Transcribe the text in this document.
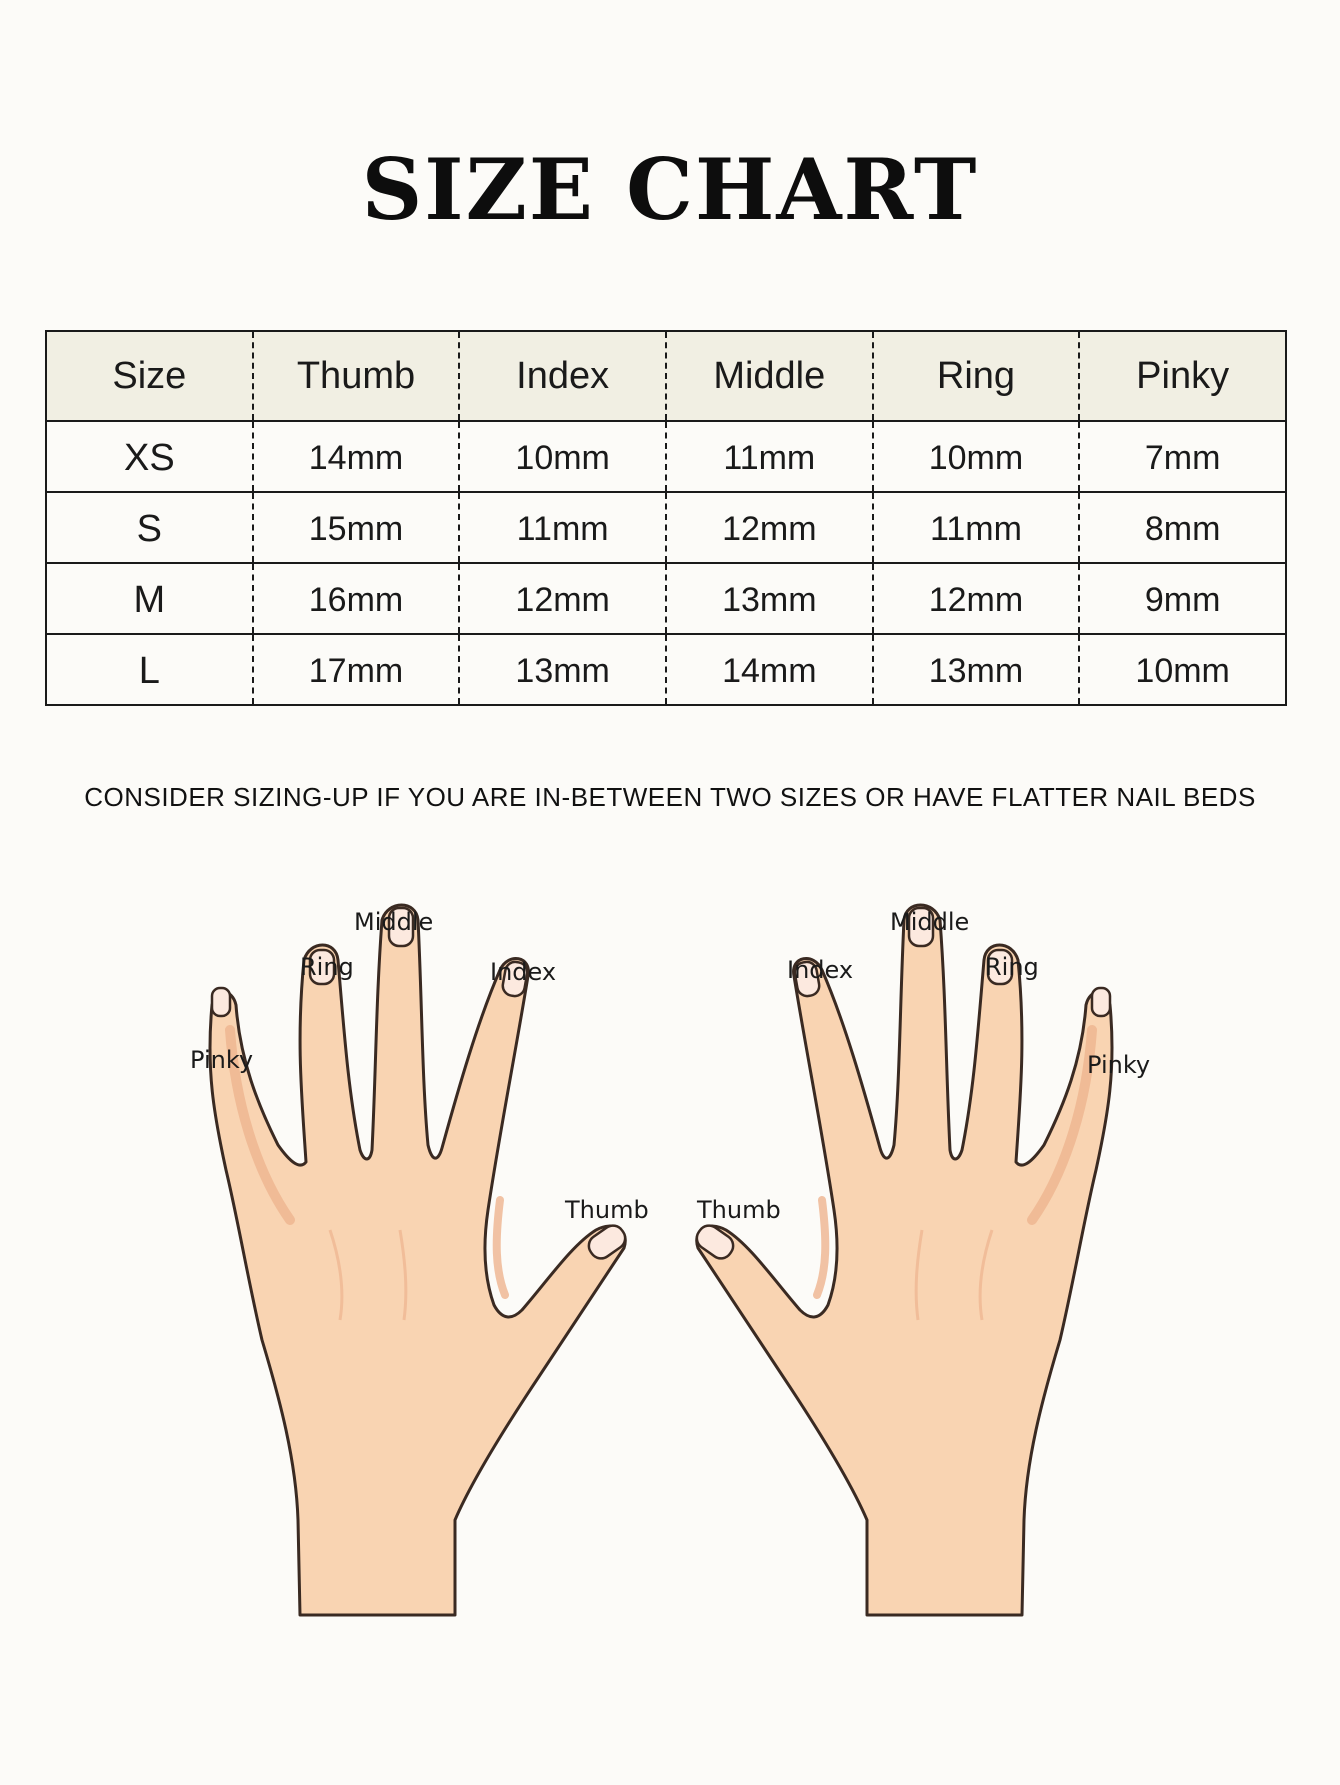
SIZE CHART
Size	Thumb	Index	Middle	Ring	Pinky
XS	14mm	10mm	11mm	10mm	7mm
S	15mm	11mm	12mm	11mm	8mm
M	16mm	12mm	13mm	12mm	9mm
L	17mm	13mm	14mm	13mm	10mm
CONSIDER SIZING-UP IF YOU ARE IN-BETWEEN TWO SIZES OR HAVE FLATTER NAIL BEDS
Pinky
Ring
Middle
Index
Thumb Thumb
Index
Middle
Ring
Pinky
